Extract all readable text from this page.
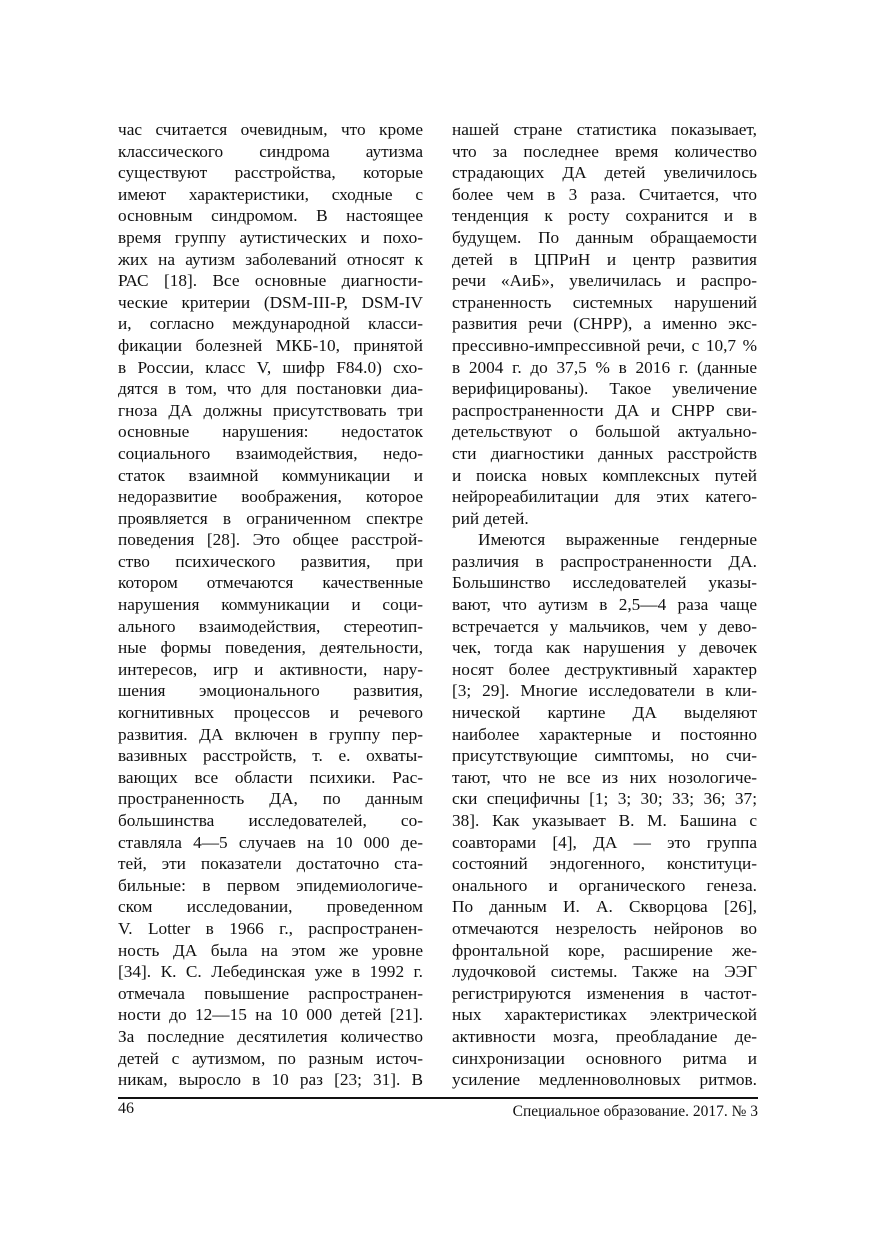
час считается очевидным, что кроме
классического синдрома аутизма
существуют расстройства, которые
имеют характеристики, сходные с
основным синдромом. В настоящее
время группу аутистических и похо-
жих на аутизм заболеваний относят к
РАС [18]. Все основные диагности-
ческие критерии (DSM-III-P, DSM-IV
и, согласно международной класси-
фикации болезней МКБ-10, принятой
в России, класс V, шифр F84.0) схо-
дятся в том, что для постановки диа-
гноза ДА должны присутствовать три
основные нарушения: недостаток
социального взаимодействия, недо-
статок взаимной коммуникации и
недоразвитие воображения, которое
проявляется в ограниченном спектре
поведения [28]. Это общее расстрой-
ство психического развития, при
котором отмечаются качественные
нарушения коммуникации и соци-
ального взаимодействия, стереотип-
ные формы поведения, деятельности,
интересов, игр и активности, нару-
шения эмоционального развития,
когнитивных процессов и речевого
развития. ДА включен в группу пер-
вазивных расстройств, т. е. охваты-
вающих все области психики. Рас-
пространенность ДА, по данным
большинства исследователей, со-
ставляла 4—5 случаев на 10 000 де-
тей, эти показатели достаточно ста-
бильные: в первом эпидемиологиче-
ском исследовании, проведенном
V. Lotter в 1966 г., распространен-
ность ДА была на этом же уровне
[34]. К. С. Лебединская уже в 1992 г.
отмечала повышение распространен-
ности до 12—15 на 10 000 детей [21].
За последние десятилетия количество
детей с аутизмом, по разным источ-
никам, выросло в 10 раз [23; 31]. В
нашей стране статистика показывает,
что за последнее время количество
страдающих ДА детей увеличилось
более чем в 3 раза. Считается, что
тенденция к росту сохранится и в
будущем. По данным обращаемости
детей в ЦПРиН и центр развития
речи «АиБ», увеличилась и распро-
страненность системных нарушений
развития речи (СНРР), а именно экс-
прессивно-импрессивной речи, с 10,7 %
в 2004 г. до 37,5 % в 2016 г. (данные
верифицированы). Такое увеличение
распространенности ДА и СНРР сви-
детельствуют о большой актуально-
сти диагностики данных расстройств
и поиска новых комплексных путей
нейрореабилитации для этих катего-
рий детей.
Имеются выраженные гендерные
различия в распространенности ДА.
Большинство исследователей указы-
вают, что аутизм в 2,5—4 раза чаще
встречается у мальчиков, чем у дево-
чек, тогда как нарушения у девочек
носят более деструктивный характер
[3; 29]. Многие исследователи в кли-
нической картине ДА выделяют
наиболее характерные и постоянно
присутствующие симптомы, но счи-
тают, что не все из них нозологиче-
ски специфичны [1; 3; 30; 33; 36; 37;
38]. Как указывает В. М. Башина с
соавторами [4], ДА — это группа
состояний эндогенного, конституци-
онального и органического генеза.
По данным И. А. Скворцова [26],
отмечаются незрелость нейронов во
фронтальной коре, расширение же-
лудочковой системы. Также на ЭЭГ
регистрируются изменения в частот-
ных характеристиках электрической
активности мозга, преобладание де-
синхронизации основного ритма и
усиление медленноволновых ритмов.
46	Специальное образование. 2017. № 3
